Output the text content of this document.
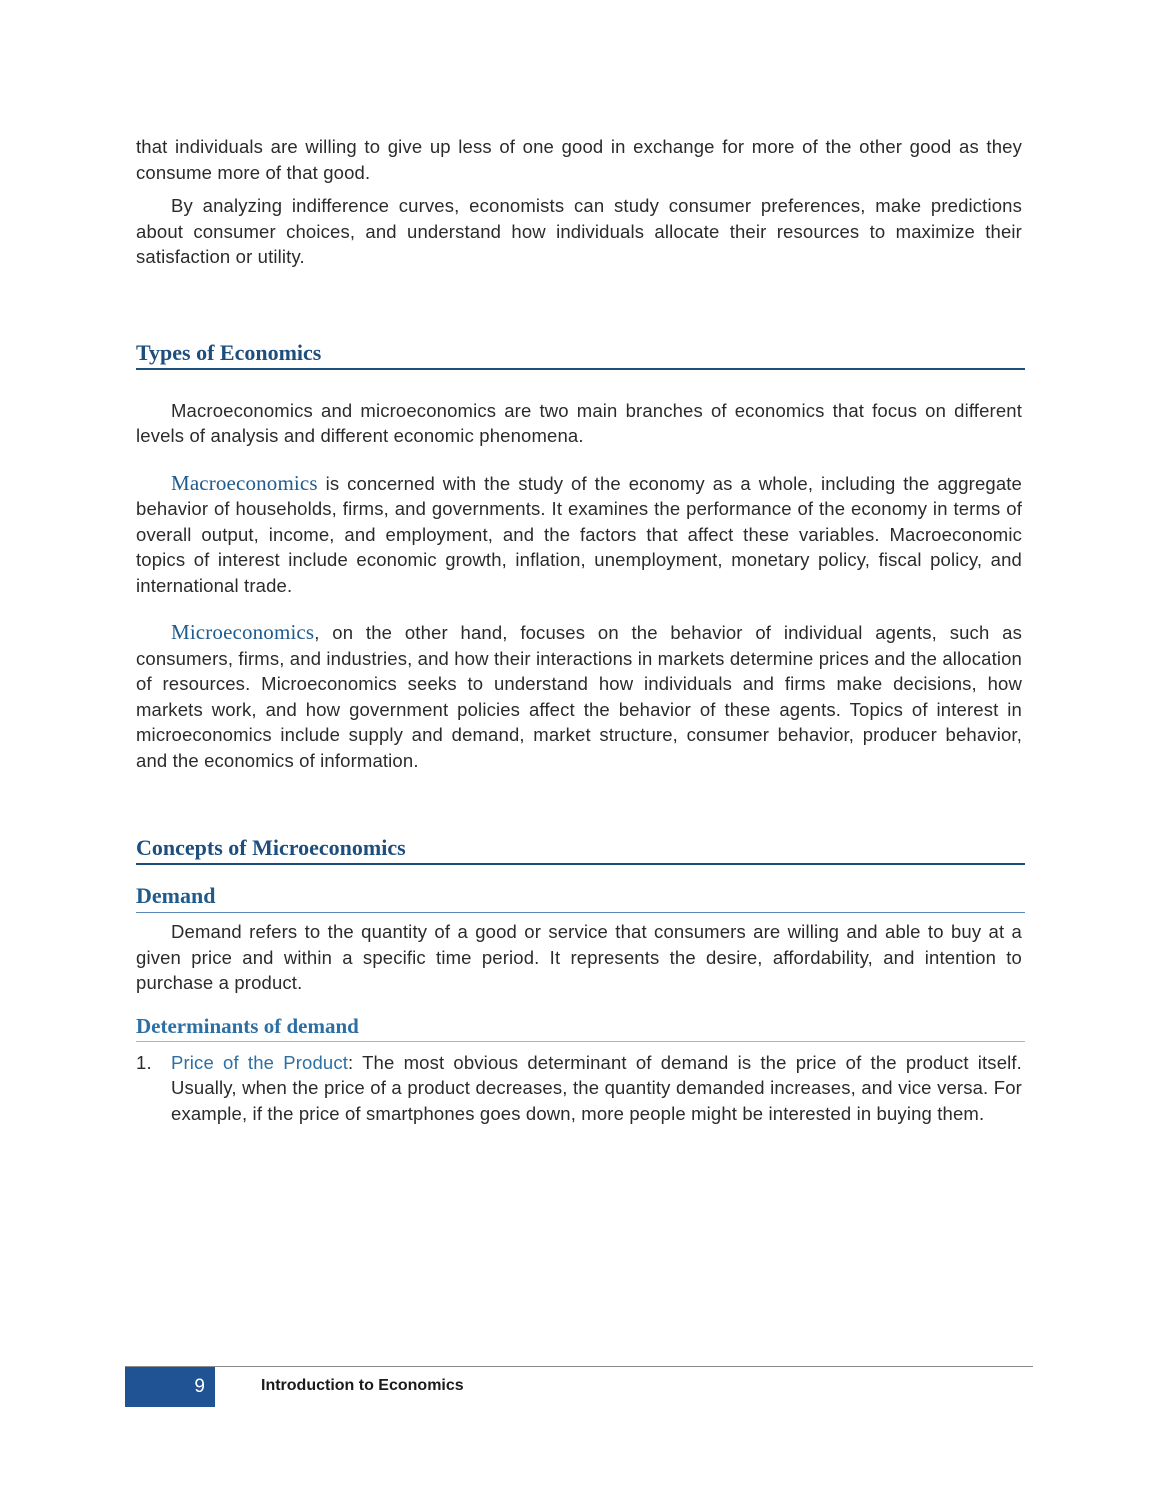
that individuals are willing to give up less of one good in exchange for more of the other good as they consume more of that good.

By analyzing indifference curves, economists can study consumer preferences, make predictions about consumer choices, and understand how individuals allocate their resources to maximize their satisfaction or utility.

Types of Economics

Macroeconomics and microeconomics are two main branches of economics that focus on different levels of analysis and different economic phenomena.

Macroeconomics is concerned with the study of the economy as a whole, including the aggregate behavior of households, firms, and governments. It examines the performance of the economy in terms of overall output, income, and employment, and the factors that affect these variables. Macroeconomic topics of interest include economic growth, inflation, unemployment, monetary policy, fiscal policy, and international trade.

Microeconomics, on the other hand, focuses on the behavior of individual agents, such as consumers, firms, and industries, and how their interactions in markets determine prices and the allocation of resources. Microeconomics seeks to understand how individuals and firms make decisions, how markets work, and how government policies affect the behavior of these agents. Topics of interest in microeconomics include supply and demand, market structure, consumer behavior, producer behavior, and the economics of information.

Concepts of Microeconomics
Demand

Demand refers to the quantity of a good or service that consumers are willing and able to buy at a given price and within a specific time period. It represents the desire, affordability, and intention to purchase a product.

Determinants of demand
1. Price of the Product: The most obvious determinant of demand is the price of the product itself. Usually, when the price of a product decreases, the quantity demanded increases, and vice versa. For example, if the price of smartphones goes down, more people might be interested in buying them.
9	Introduction to Economics
